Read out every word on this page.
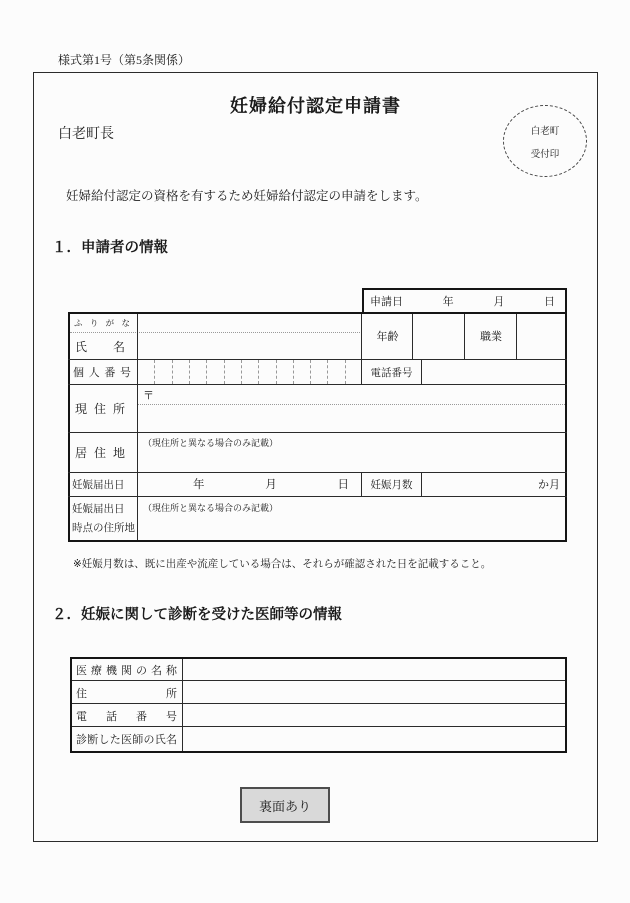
様式第1号（第5条関係）
妊婦給付認定申請書
白老町長	白老町
受付印
妊婦給付認定の資格を有するため妊婦給付認定の申請をします。
１．申請者の情報
申請日	年	月	日
ふ り が な
氏 名
年齢	職業
個 人 番 号	電話番号
現 住 所
〒
居 住 地
（現住所と異なる場合のみ記載）
妊娠届出日	年	月	日 妊娠月数	か月
妊娠届出日
時点の住所地
（現住所と異なる場合のみ記載）
※妊娠月数は、既に出産や流産している場合は、それらが確認された日を記載すること。
２．妊娠に関して診断を受けた医師等の情報
医 療 機 関 の 名 称
住	所
電 話 番 号
診 断 し た 医 師 の 氏 名
裏面あり
